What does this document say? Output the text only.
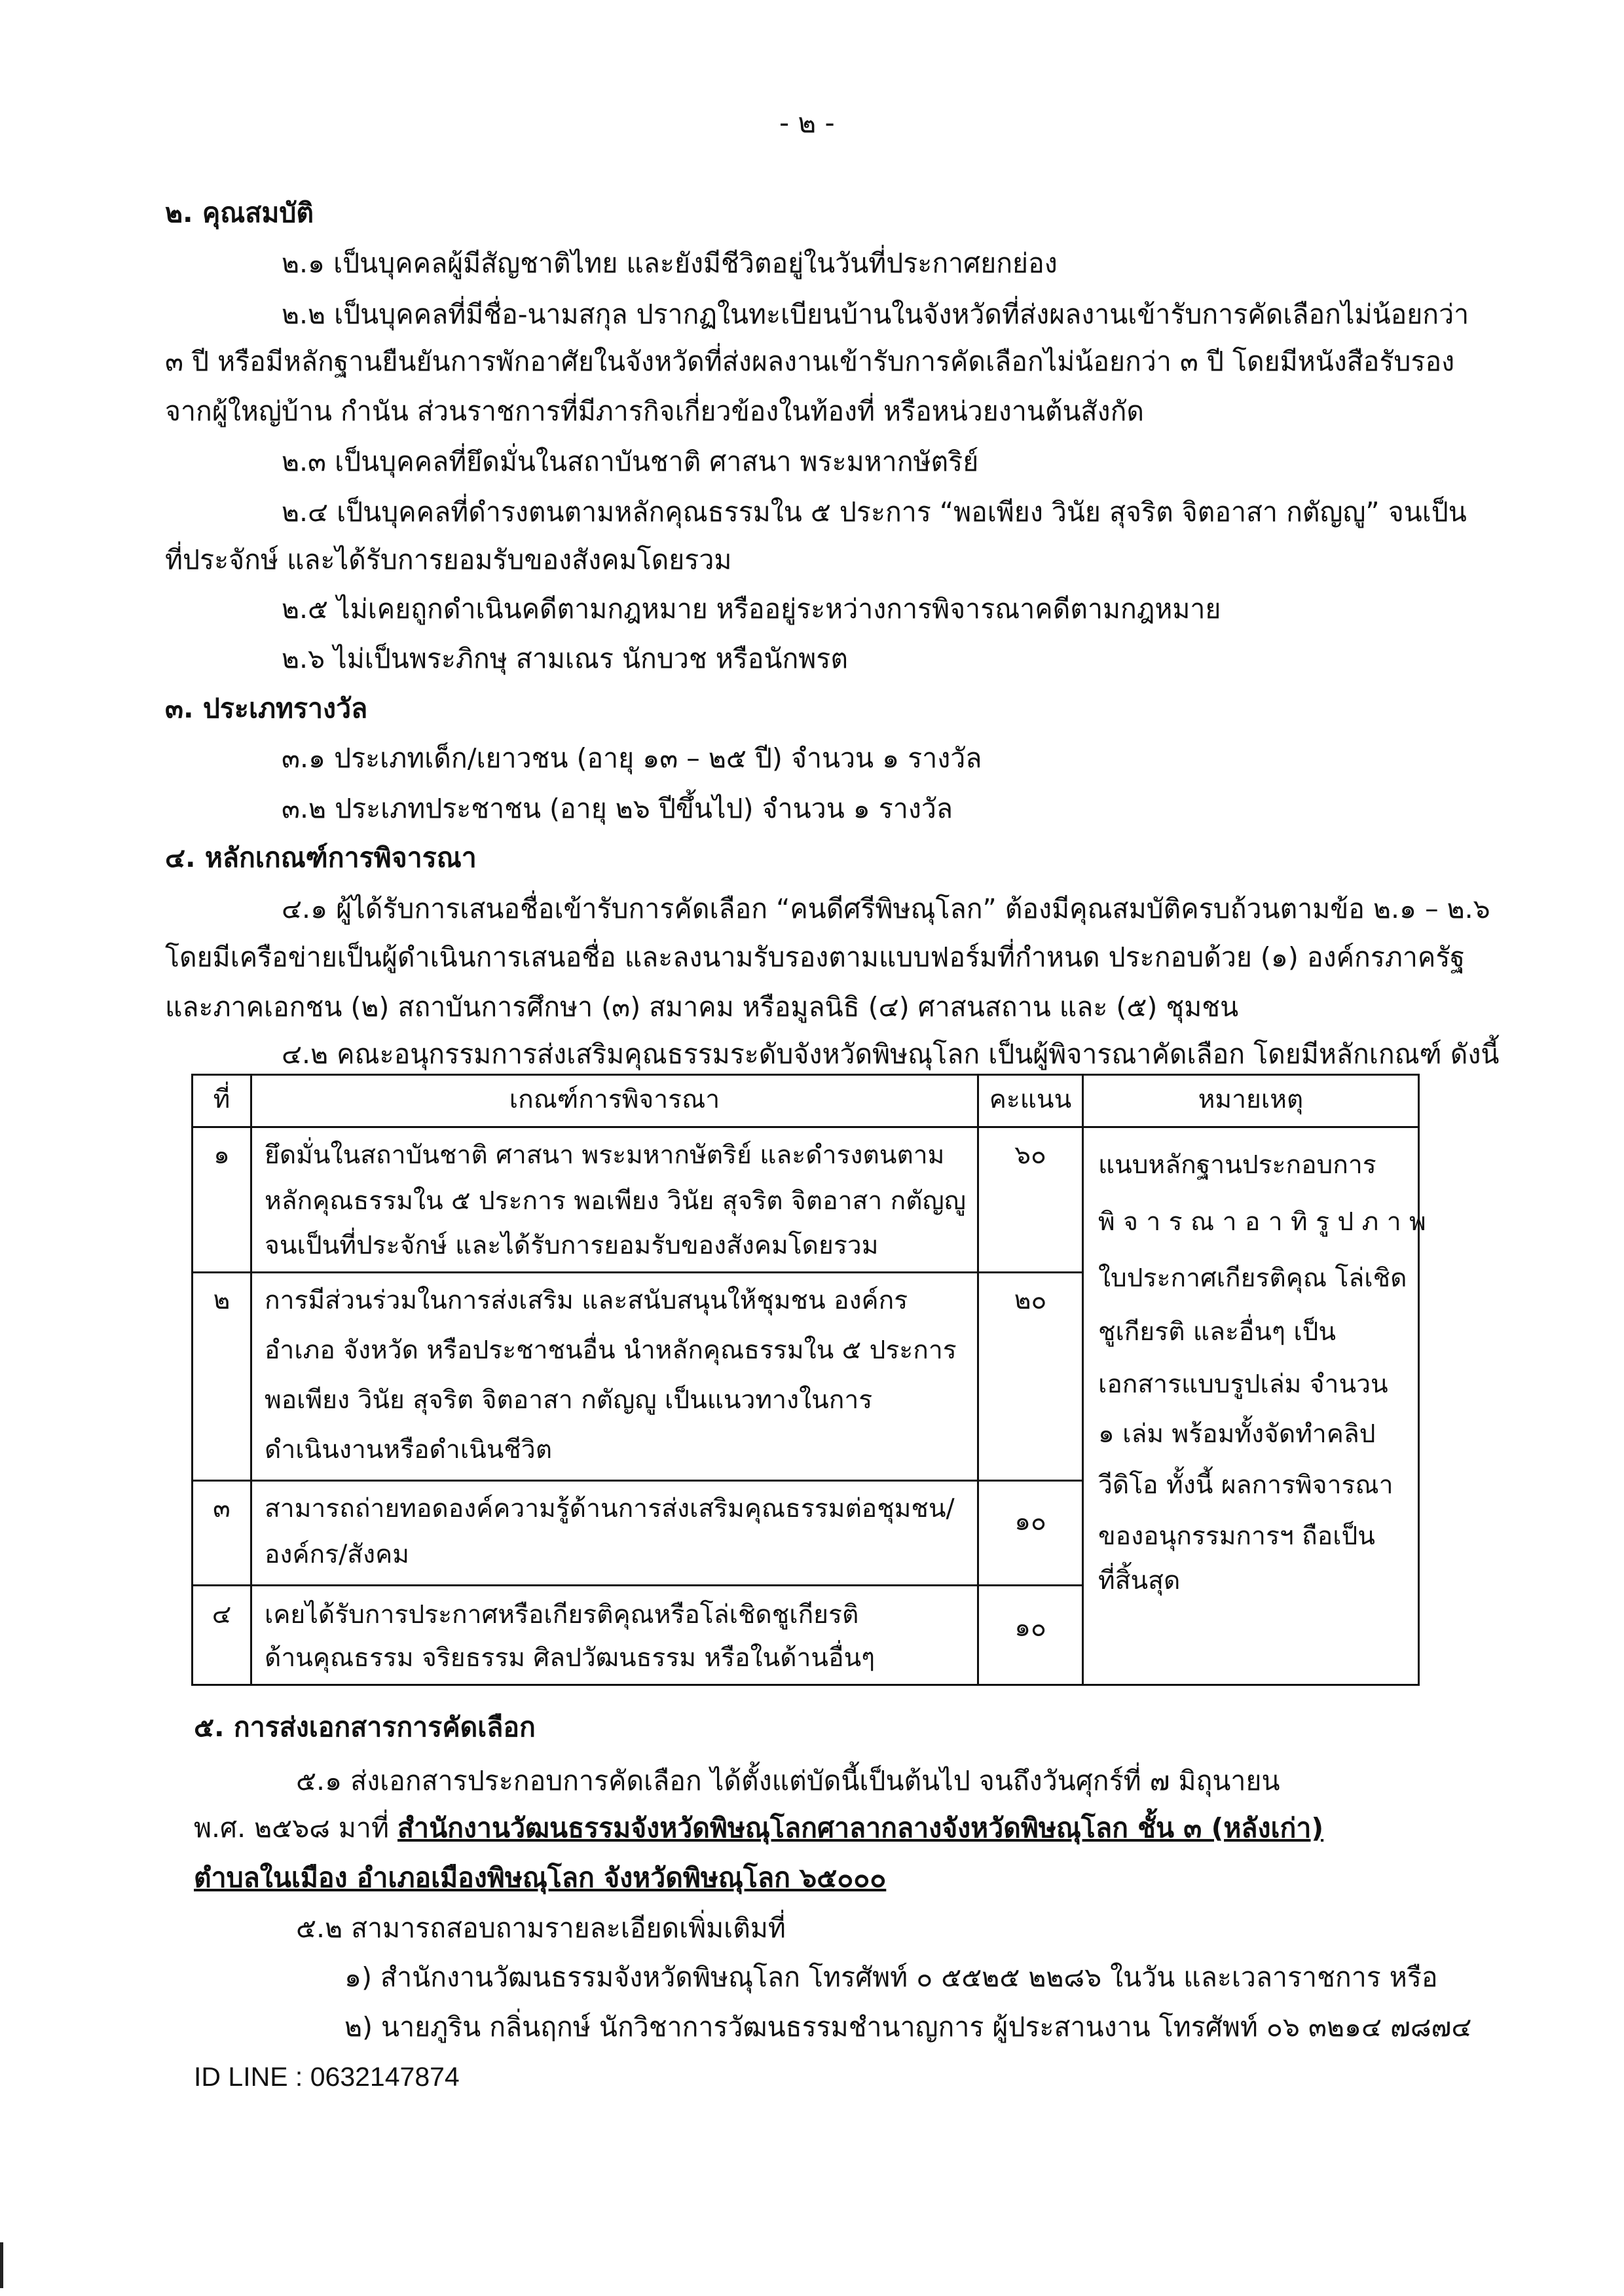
- ๒ -
๒. คุณสมบัติ
๒.๑ เป็นบุคคลผู้มีสัญชาติไทย และยังมีชีวิตอยู่ในวันที่ประกาศยกย่อง
๒.๒ เป็นบุคคลที่มีชื่อ-นามสกุล ปรากฏในทะเบียนบ้านในจังหวัดที่ส่งผลงานเข้ารับการคัดเลือกไม่น้อยกว่า
๓ ปี หรือมีหลักฐานยืนยันการพักอาศัยในจังหวัดที่ส่งผลงานเข้ารับการคัดเลือกไม่น้อยกว่า ๓ ปี โดยมีหนังสือรับรอง
จากผู้ใหญ่บ้าน กำนัน ส่วนราชการที่มีภารกิจเกี่ยวข้องในท้องที่ หรือหน่วยงานต้นสังกัด
๒.๓ เป็นบุคคลที่ยึดมั่นในสถาบันชาติ ศาสนา พระมหากษัตริย์
๒.๔ เป็นบุคคลที่ดำรงตนตามหลักคุณธรรมใน ๕ ประการ “พอเพียง วินัย สุจริต จิตอาสา กตัญญู” จนเป็น
ที่ประจักษ์ และได้รับการยอมรับของสังคมโดยรวม
๒.๕ ไม่เคยถูกดำเนินคดีตามกฎหมาย หรืออยู่ระหว่างการพิจารณาคดีตามกฎหมาย
๒.๖ ไม่เป็นพระภิกษุ สามเณร นักบวช หรือนักพรต
๓. ประเภทรางวัล
๓.๑ ประเภทเด็ก/เยาวชน (อายุ ๑๓ – ๒๕ ปี) จำนวน ๑ รางวัล
๓.๒ ประเภทประชาชน (อายุ ๒๖ ปีขึ้นไป) จำนวน ๑ รางวัล
๔. หลักเกณฑ์การพิจารณา
๔.๑ ผู้ได้รับการเสนอชื่อเข้ารับการคัดเลือก “คนดีศรีพิษณุโลก” ต้องมีคุณสมบัติครบถ้วนตามข้อ ๒.๑ – ๒.๖
โดยมีเครือข่ายเป็นผู้ดำเนินการเสนอชื่อ และลงนามรับรองตามแบบฟอร์มที่กำหนด ประกอบด้วย (๑) องค์กรภาครัฐ
และภาคเอกชน (๒) สถาบันการศึกษา (๓) สมาคม หรือมูลนิธิ (๔) ศาสนสถาน และ (๕) ชุมชน
๔.๒ คณะอนุกรรมการส่งเสริมคุณธรรมระดับจังหวัดพิษณุโลก เป็นผู้พิจารณาคัดเลือก โดยมีหลักเกณฑ์ ดังนี้
ที่	เกณฑ์การพิจารณา	คะแนน	หมายเหตุ
๑	ยึดมั่นในสถาบันชาติ ศาสนา พระมหากษัตริย์ และดำรงตนตาม
หลักคุณธรรมใน ๕ ประการ พอเพียง วินัย สุจริต จิตอาสา กตัญญู
จนเป็นที่ประจักษ์ และได้รับการยอมรับของสังคมโดยรวม
๖๐
๒	การมีส่วนร่วมในการส่งเสริม และสนับสนุนให้ชุมชน องค์กร
อำเภอ จังหวัด หรือประชาชนอื่น นำหลักคุณธรรมใน ๕ ประการ
พอเพียง วินัย สุจริต จิตอาสา กตัญญู เป็นแนวทางในการ
ดำเนินงานหรือดำเนินชีวิต
๒๐
๓	สามารถถ่ายทอดองค์ความรู้ด้านการส่งเสริมคุณธรรมต่อชุมชน/
องค์กร/สังคม
๑๐
๔	เคยได้รับการประกาศหรือเกียรติคุณหรือโล่เชิดชูเกียรติ
ด้านคุณธรรม จริยธรรม ศิลปวัฒนธรรม หรือในด้านอื่นๆ
๑๐
แนบหลักฐานประกอบการ
พิ จ า ร ณ า อ า ทิ รู ป ภ า พ
ใบประกาศเกียรติคุณ โล่เชิด
ชูเกียรติ และอื่นๆ เป็น
เอกสารแบบรูปเล่ม จำนวน
๑ เล่ม พร้อมทั้งจัดทำคลิป
วีดิโอ ทั้งนี้ ผลการพิจารณา
ของอนุกรรมการฯ ถือเป็น
ที่สิ้นสุด
๕. การส่งเอกสารการคัดเลือก
๕.๑ ส่งเอกสารประกอบการคัดเลือก ได้ตั้งแต่บัดนี้เป็นต้นไป จนถึงวันศุกร์ที่ ๗ มิถุนายน
พ.ศ. ๒๕๖๘ มาที่ สำนักงานวัฒนธรรมจังหวัดพิษณุโลกศาลากลางจังหวัดพิษณุโลก ชั้น ๓ (หลังเก่า)
ตำบลในเมือง อำเภอเมืองพิษณุโลก จังหวัดพิษณุโลก ๖๕๐๐๐
๕.๒ สามารถสอบถามรายละเอียดเพิ่มเติมที่
๑) สำนักงานวัฒนธรรมจังหวัดพิษณุโลก โทรศัพท์ ๐ ๕๕๒๕ ๒๒๘๖ ในวัน และเวลาราชการ หรือ
๒) นายภูริน กลิ่นฤกษ์ นักวิชาการวัฒนธรรมชำนาญการ ผู้ประสานงาน โทรศัพท์ ๐๖ ๓๒๑๔ ๗๘๗๔
ID LINE : 0632147874
